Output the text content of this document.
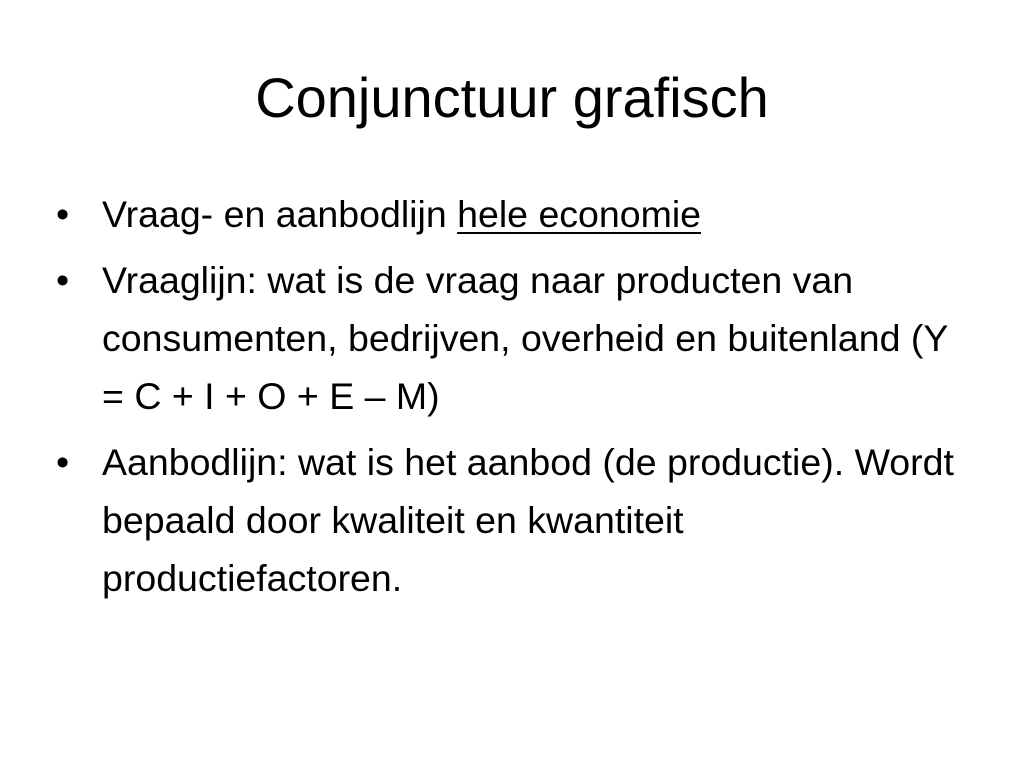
Conjunctuur grafisch
• Vraag- en aanbodlijn hele economie
• Vraaglijn: wat is de vraag naar producten van consumenten, bedrijven, overheid en buitenland (Y = C + I + O + E – M)
• Aanbodlijn: wat is het aanbod (de productie). Wordt bepaald door kwaliteit en kwantiteit productiefactoren.
